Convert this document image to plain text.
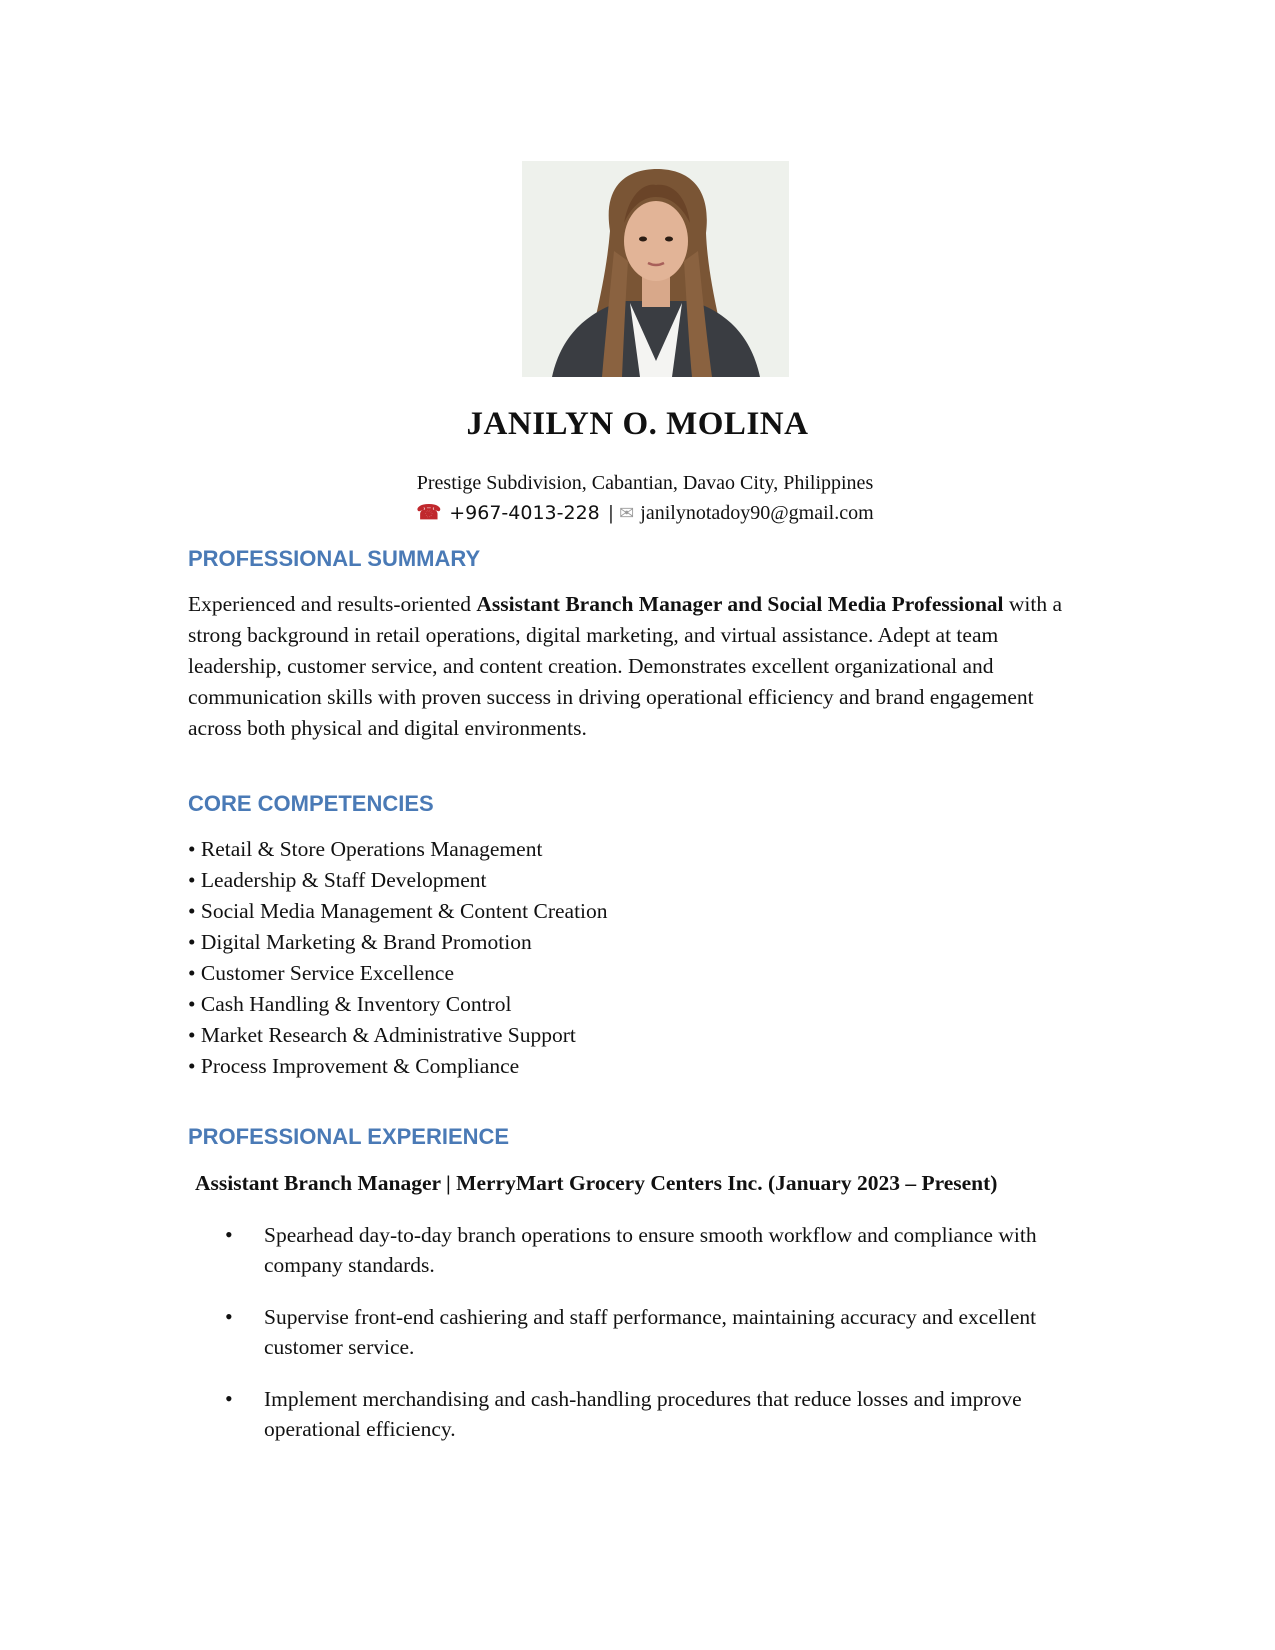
JANILYN O. MOLINA
Prestige Subdivision, Cabantian, Davao City, Philippines
☎ +967-4013-228 | ✉ janilynotadoy90@gmail.com
PROFESSIONAL SUMMARY
Experienced and results-oriented Assistant Branch Manager and Social Media Professional with a strong background in retail operations, digital marketing, and virtual assistance. Adept at team leadership, customer service, and content creation. Demonstrates excellent organizational and communication skills with proven success in driving operational efficiency and brand engagement across both physical and digital environments.
CORE COMPETENCIES
• Retail & Store Operations Management
• Leadership & Staff Development
• Social Media Management & Content Creation
• Digital Marketing & Brand Promotion
• Customer Service Excellence
• Cash Handling & Inventory Control
• Market Research & Administrative Support
• Process Improvement & Compliance
PROFESSIONAL EXPERIENCE
Assistant Branch Manager | MerryMart Grocery Centers Inc. (January 2023 – Present)
• Spearhead day-to-day branch operations to ensure smooth workflow and compliance with company standards.
• Supervise front-end cashiering and staff performance, maintaining accuracy and excellent customer service.
• Implement merchandising and cash-handling procedures that reduce losses and improve operational efficiency.
